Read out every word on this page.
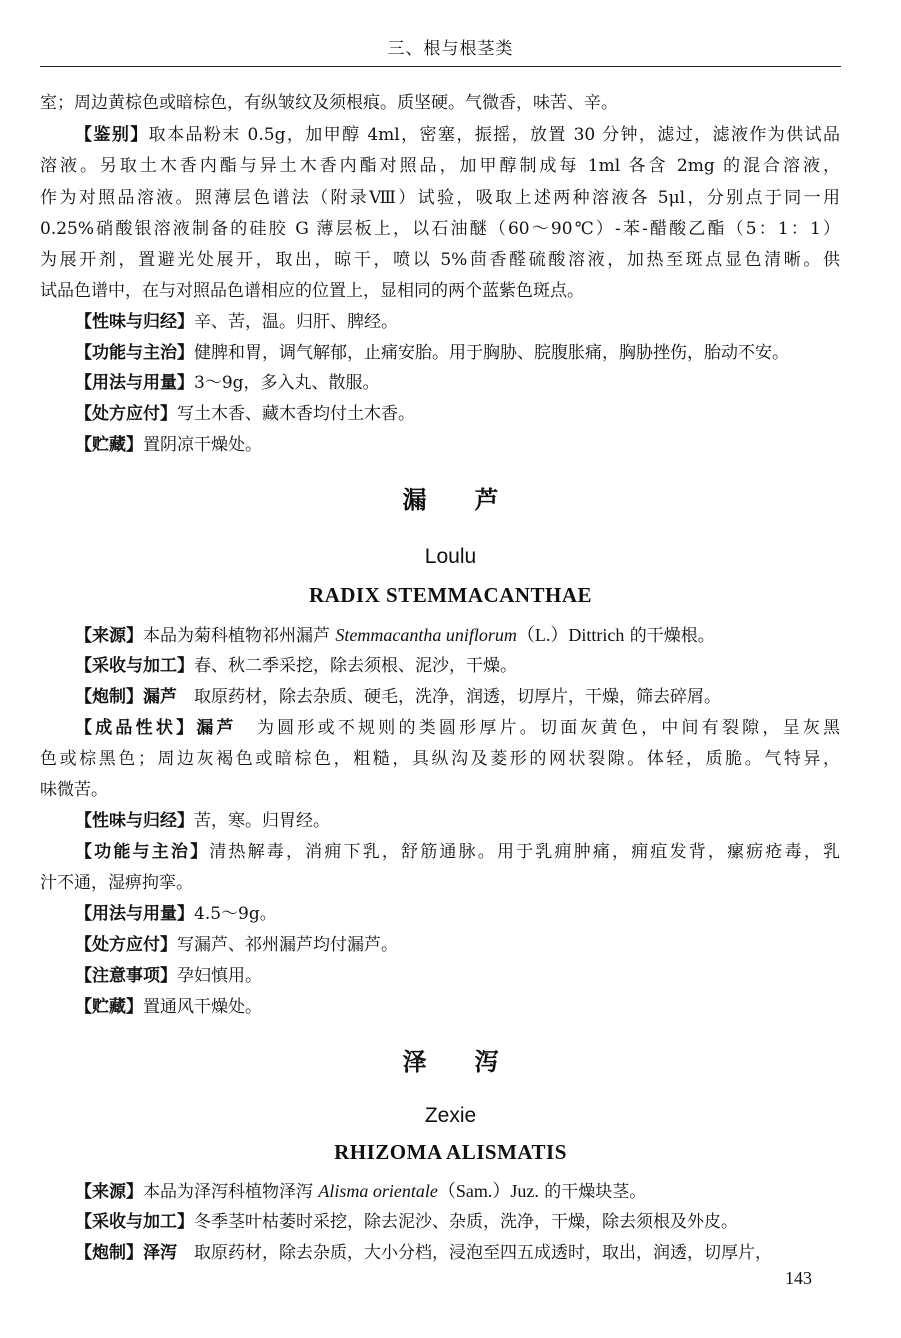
三、根与根茎类
室；周边黄棕色或暗棕色，有纵皱纹及须根痕。质坚硬。气微香，味苦、辛。
【鉴别】取本品粉末 0.5g，加甲醇 4ml，密塞，振摇，放置 30 分钟，滤过，滤液作为供试品
溶液。另取土木香内酯与异土木香内酯对照品，加甲醇制成每 1ml 各含 2mg 的混合溶液，
作为对照品溶液。照薄层色谱法（附录Ⅷ）试验，吸取上述两种溶液各 5μl，分别点于同一用
0.25%硝酸银溶液制备的硅胶 G 薄层板上，以石油醚（60～90℃）-苯-醋酸乙酯（5：1：1）
为展开剂，置避光处展开，取出，晾干，喷以 5%茴香醛硫酸溶液，加热至斑点显色清晰。供
试品色谱中，在与对照品色谱相应的位置上，显相同的两个蓝紫色斑点。
【性味与归经】辛、苦，温。归肝、脾经。
【功能与主治】健脾和胃，调气解郁，止痛安胎。用于胸胁、脘腹胀痛，胸胁挫伤，胎动不安。
【用法与用量】3～9g，多入丸、散服。
【处方应付】写土木香、藏木香均付土木香。
【贮藏】置阴凉干燥处。
漏　　芦
Loulu
RADIX STEMMACANTHAE
【来源】本品为菊科植物祁州漏芦 Stemmacantha uniflorum（L.）Dittrich 的干燥根。
【采收与加工】春、秋二季采挖，除去须根、泥沙，干燥。
【炮制】漏芦　取原药材，除去杂质、硬毛，洗净，润透，切厚片，干燥，筛去碎屑。
【成品性状】漏芦　为圆形或不规则的类圆形厚片。切面灰黄色，中间有裂隙，呈灰黑
色或棕黑色；周边灰褐色或暗棕色，粗糙，具纵沟及菱形的网状裂隙。体轻，质脆。气特异，
味微苦。
【性味与归经】苦，寒。归胃经。
【功能与主治】清热解毒，消痈下乳，舒筋通脉。用于乳痈肿痛，痈疽发背，瘰疬疮毒，乳
汁不通，湿痹拘挛。
【用法与用量】4.5～9g。
【处方应付】写漏芦、祁州漏芦均付漏芦。
【注意事项】孕妇慎用。
【贮藏】置通风干燥处。
泽　　泻
Zexie
RHIZOMA ALISMATIS
【来源】本品为泽泻科植物泽泻 Alisma orientale（Sam.）Juz. 的干燥块茎。
【采收与加工】冬季茎叶枯萎时采挖，除去泥沙、杂质，洗净，干燥，除去须根及外皮。
【炮制】泽泻　取原药材，除去杂质，大小分档，浸泡至四五成透时，取出，润透，切厚片，
143
